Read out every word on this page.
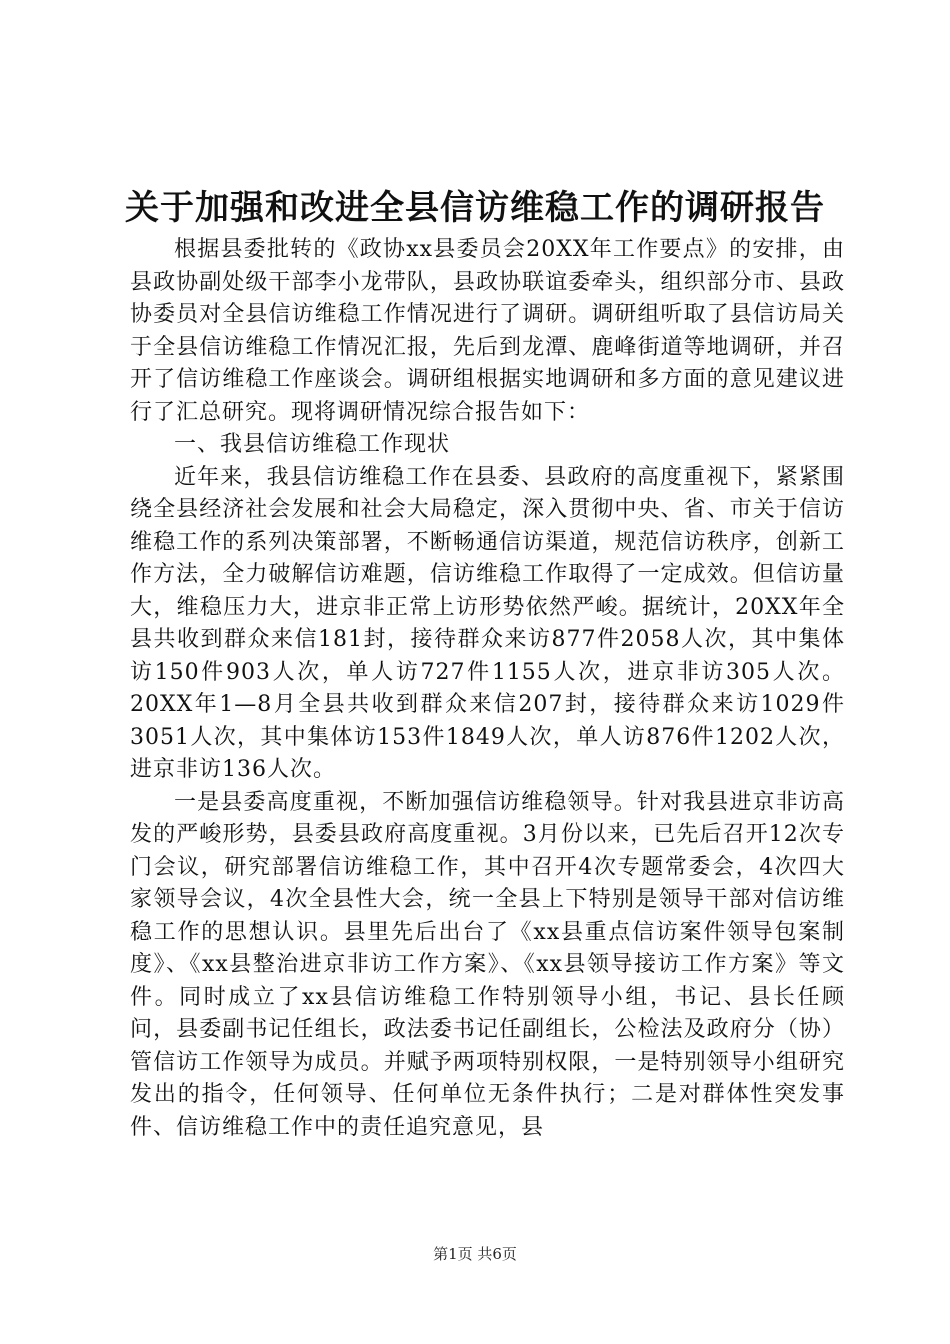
关于加强和改进全县信访维稳工作的调研报告

根据县委批转的《政协xx县委员会20XX年工作要点》的安排，由县政协副处级干部李小龙带队，县政协联谊委牵头，组织部分市、县政协委员对全县信访维稳工作情况进行了调研。调研组听取了县信访局关于全县信访维稳工作情况汇报，先后到龙潭、鹿峰街道等地调研，并召开了信访维稳工作座谈会。调研组根据实地调研和多方面的意见建议进行了汇总研究。现将调研情况综合报告如下：

一、我县信访维稳工作现状

近年来，我县信访维稳工作在县委、县政府的高度重视下，紧紧围绕全县经济社会发展和社会大局稳定，深入贯彻中央、省、市关于信访维稳工作的系列决策部署，不断畅通信访渠道，规范信访秩序，创新工作方法，全力破解信访难题，信访维稳工作取得了一定成效。但信访量大，维稳压力大，进京非正常上访形势依然严峻。据统计，20XX年全县共收到群众来信181封，接待群众来访877件2058人次，其中集体访150件903人次，单人访727件1155人次，进京非访305人次。20XX年1—8月全县共收到群众来信207封，接待群众来访1029件3051人次，其中集体访153件1849人次，单人访876件1202人次，进京非访136人次。

一是县委高度重视，不断加强信访维稳领导。针对我县进京非访高发的严峻形势，县委县政府高度重视。3月份以来，已先后召开12次专门会议，研究部署信访维稳工作，其中召开4次专题常委会，4次四大家领导会议，4次全县性大会，统一全县上下特别是领导干部对信访维稳工作的思想认识。县里先后出台了《xx县重点信访案件领导包案制度》、《xx县整治进京非访工作方案》、《xx县领导接访工作方案》等文件。同时成立了xx县信访维稳工作特别领导小组，书记、县长任顾问，县委副书记任组长，政法委书记任副组长，公检法及政府分（协）管信访工作领导为成员。并赋予两项特别权限，一是特别领导小组研究发出的指令，任何领导、任何单位无条件执行；二是对群体性突发事件、信访维稳工作中的责任追究意见，县

第1页 共6页
